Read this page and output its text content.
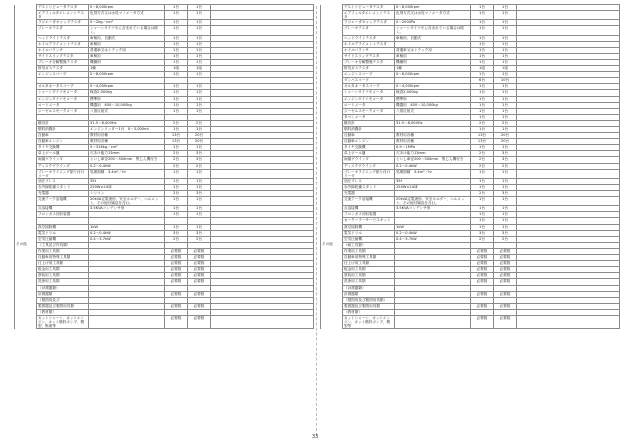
	デストリビュータテスタ	0〜8,000rpm	1台	1台	
	エアフィルタエレメントテスタ	色別方式又は水柱マノメータ方式	1台	1台	
	ラジエータキャップテスタ	0〜2kg／cm²	1台	1台	
	ブレーキテスタ	シャーシダイナモに含まれている場合は除く。	1台	1台	
	ヘッドライトテスタ	車検用、自動式	1台	1台	
	ホイルアライメントテスタ	車検用	1台	1台	
	ホイルバランサ	普通車又はトラック用	1台	1台	
	サイドスリップテスタ	車検用	1台	1台	
	ブレーキ分解整備テスタ	機種別	1台	1台	
	排気ガステスタ	1種	1組	1組	
	エンジンスコープ	0〜8,000rpm	1台	1台	

	オルタネータスコープ	0〜4,000rpm	1台	1台	
	シャーシダイナモメータ	検査2,000kg	1台	1台	
	エンジンダイナモメータ	標準形	1台	1台	
	ロードメータ	機器用　400〜10,000kg	1台	1台	
	ジーゼルスモークメータ	八領反射式	1台	1台	

	騒音計	31.5〜8,000Hz	2台	2台	
	燃料消費計	エンジンリッター1台　0〜3,000ml	1台	1台	
	自動車	教材用各種	13台	20台	
	自動車エンジン	教材用各種	13台	20台	
	タイヤ交換機	5〜316kg／cm²	1台	1台	
	卓上ボール盤	穴あけ能力13mm	2台	3台	
	両頭グラインダ	といし車径200〜300mm　集じん機付き	2台	3台	
	ディスクグラインダ	0.2〜0.4kW	2台	2台	
	ブレーキライニング貼り付けリーダ	処理面積　3.4m²／hr	1台	1台	
	油圧プレス	35t	1台	1台	
	赤外線乾燥スタンド	250W×24球	1台	1台	
	充電器	シリコン	2台	3台	
	交流アーク溶接機	20kVA定電流形、安全ホルダー、ヘルメット、その他付属品を含む。	1台	1台	
	点溶接機	3.5KVAコンデンサ形	1台	1台	
	フロンガス回収装置		1台	1台	

	真空掃除機	1kW	1台	1台	
	電気ドリル	0.2〜0.4kW	3台	3台	
	空気圧縮機	0.4〜3.7kW	2台	2台	
その他	（工具及び作具類）				
	作業用工具類		必要数	必要数	
	自動車用特殊工具類		必要数	必要数	
	仕上げ用工具類		必要数	必要数	
	板金用工具類		必要数	必要数	
	塗装用工具類		必要数	必要数	
	洗浄用工具類		必要数	必要数	
	（計測器類）				
	計測器類		必要数	必要数	
	（製図用及び				
	製図器及び製図用具類		必要数	必要数	
	（教材類）				
	カットシャーシ、カットエンジン、カット燃料ポンプ、模型、断面等		必要数	必要数	
	デストリビュータテスタ	0〜8,000rpm	1台	1台	
	エアフィルタエレメントテスタ	色別方式又は水柱マノメータ方式	1台	1台	
	ラジエータキャップテスタ	0〜2000Pa	1台	1台	
	ブレーキテスタ	シャーシダイナモに含まれている場合は除く。	1台	1台	
	ヘッドライトテスタ	車検用、自動式	1台	1台	
	ホイルアライメントテスタ		1台	1台	
	ホイルバランサ	普通車又はトラック用	1台	1台	
	サイドスリップテスタ	車検用	1台	1台	
	ブレーキ分解整備テスタ	機種別	1台	1台	
	排気ガステスタ	1種	1組	1組	
	エンジンスコープ	0〜8,000rpm	1台	1台	
	ダンパスコープ		6台	10台	
	オルタネータスコープ	0〜4,000rpm	1台	1台	
	シャーシダイナモメータ	検査2,000kg	1台	1台	
	エンジンダイナモメータ	標準形	1台	1台	
	ロードメータ	機器用　400〜10,000kg	1台	1台	
	ジーゼルスモークメータ	八領反射式	1台	1台	
	タペンメータ		1台	1台	
	騒音計	31.5〜8,000Hz	2台	2台	
	燃料消費計		1台	1台	
	自動車	教材用各種	13台	20台	
	自動車エンジン	教材用各種	13台	20台	
	タイヤ交換機	0.9〜1MPa	1台	1台	
	卓上ボール盤	穴あけ能力13mm	2台	3台	
	両頭グラインダ	といし車径200〜300mm　集じん機付き	2台	3台	
	ディスクグラインダ	0.2〜0.4kW	2台	2台	
	ブレーキライニング貼り付けリーダ	処理面積　3.4m²／hr	1台	1台	
	油圧プレス	35t	1台	1台	
	赤外線乾燥スタンド	250W×24球	1台	1台	
	充電器		2台	3台	
	交流アーク溶接機	20kVA定電流形、安全ホルダー、ヘルメット、その他付属品を含む。	1台	1台	
	点溶接機	3.5KVAコンデンサ形	1台	1台	
	フロンガス回収装置		1台	1台	
	カークーラーサービスキット		1台	1台	
	真空掃除機	1kW	1台	1台	
	電気ドリル	0.2〜0.4kW	3台	3台	
	空気圧縮機	0.4〜3.7kW	2台	2台	
その他	（耐工具類）				
	作業用工具類		必要数	必要数	
	自動車用特殊工具類		必要数	必要数	
	仕上げ用工具類		必要数	必要数	
	板金用工具類		必要数	必要数	
	塗装用工具類		必要数	必要数	
	洗浄用工具類		必要数	必要数	
	（計測器類）				
	計測器類		必要数	必要数	
	（製図用及び製図用具類）				
	製図器及び製図用具類		必要数	必要数	
	（教材類）				
	カットシャーシ、カットエンジン、カット燃料ポンプ、模型等		必要数	必要数	
33
